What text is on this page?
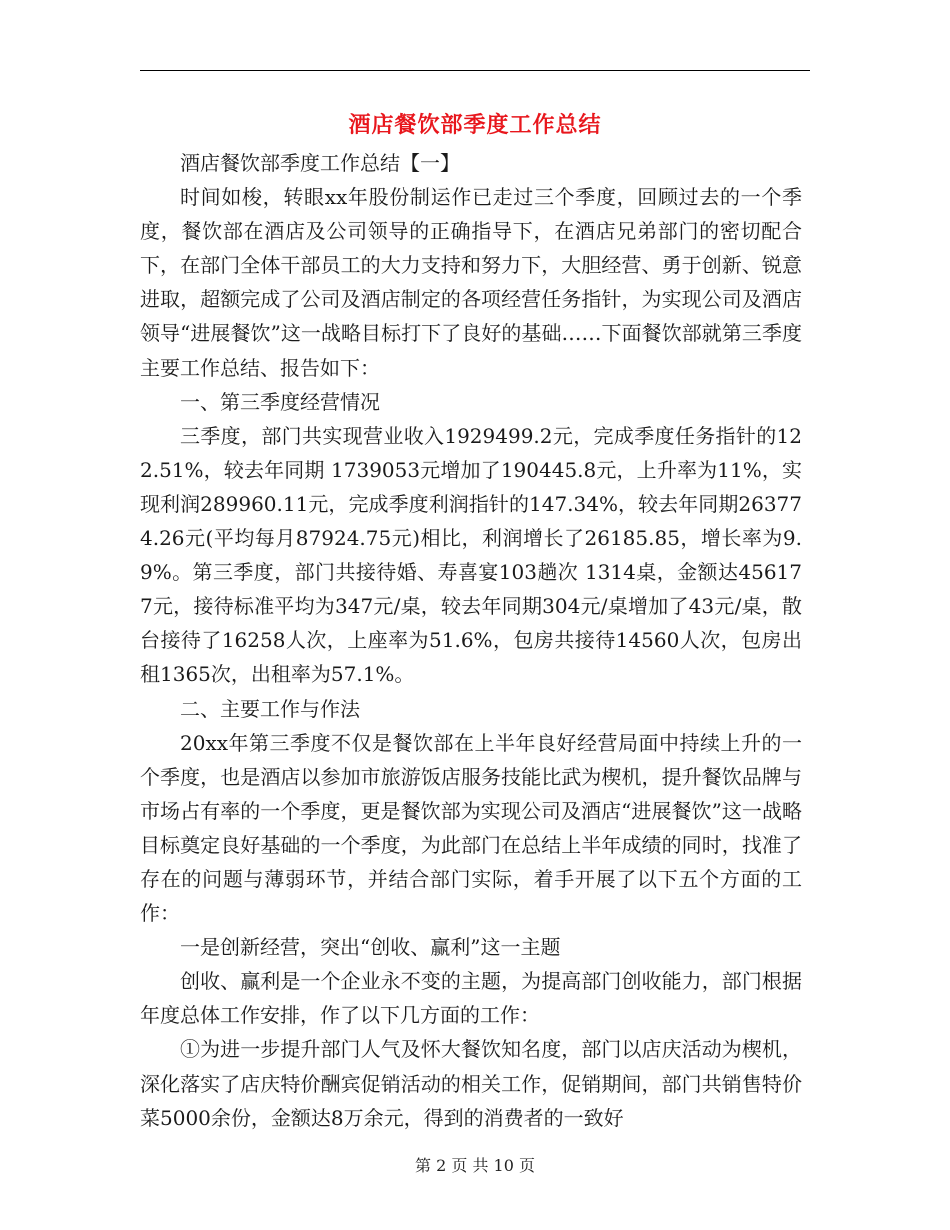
酒店餐饮部季度工作总结

酒店餐饮部季度工作总结【一】

时间如梭，转眼xx年股份制运作已走过三个季度，回顾过去的一个季度，餐饮部在酒店及公司领导的正确指导下，在酒店兄弟部门的密切配合下，在部门全体干部员工的大力支持和努力下，大胆经营、勇于创新、锐意进取，超额完成了公司及酒店制定的各项经营任务指针，为实现公司及酒店领导“进展餐饮”这一战略目标打下了良好的基础……下面餐饮部就第三季度主要工作总结、报告如下：

一、第三季度经营情况

三季度，部门共实现营业收入1929499.2元，完成季度任务指针的122.51%，较去年同期 1739053元增加了190445.8元，上升率为11%，实现利润289960.11元，完成季度利润指针的147.34%，较去年同期263774.26元(平均每月87924.75元)相比，利润增长了26185.85，增长率为9.9%。第三季度，部门共接待婚、寿喜宴103趟次 1314桌，金额达456177元，接待标准平均为347元/桌，较去年同期304元/桌增加了43元/桌，散台接待了16258人次，上座率为51.6%，包房共接待14560人次，包房出租1365次，出租率为57.1%。

二、主要工作与作法

20xx年第三季度不仅是餐饮部在上半年良好经营局面中持续上升的一个季度，也是酒店以参加市旅游饭店服务技能比武为楔机，提升餐饮品牌与市场占有率的一个季度，更是餐饮部为实现公司及酒店“进展餐饮”这一战略目标奠定良好基础的一个季度，为此部门在总结上半年成绩的同时，找准了存在的问题与薄弱环节，并结合部门实际，着手开展了以下五个方面的工作：

一是创新经营，突出“创收、赢利”这一主题

创收、赢利是一个企业永不变的主题，为提高部门创收能力，部门根据年度总体工作安排，作了以下几方面的工作：

①为进一步提升部门人气及怀大餐饮知名度，部门以店庆活动为楔机，深化落实了店庆特价酬宾促销活动的相关工作，促销期间，部门共销售特价菜5000余份，金额达8万余元，得到的消费者的一致好

第 2 页 共 10 页
